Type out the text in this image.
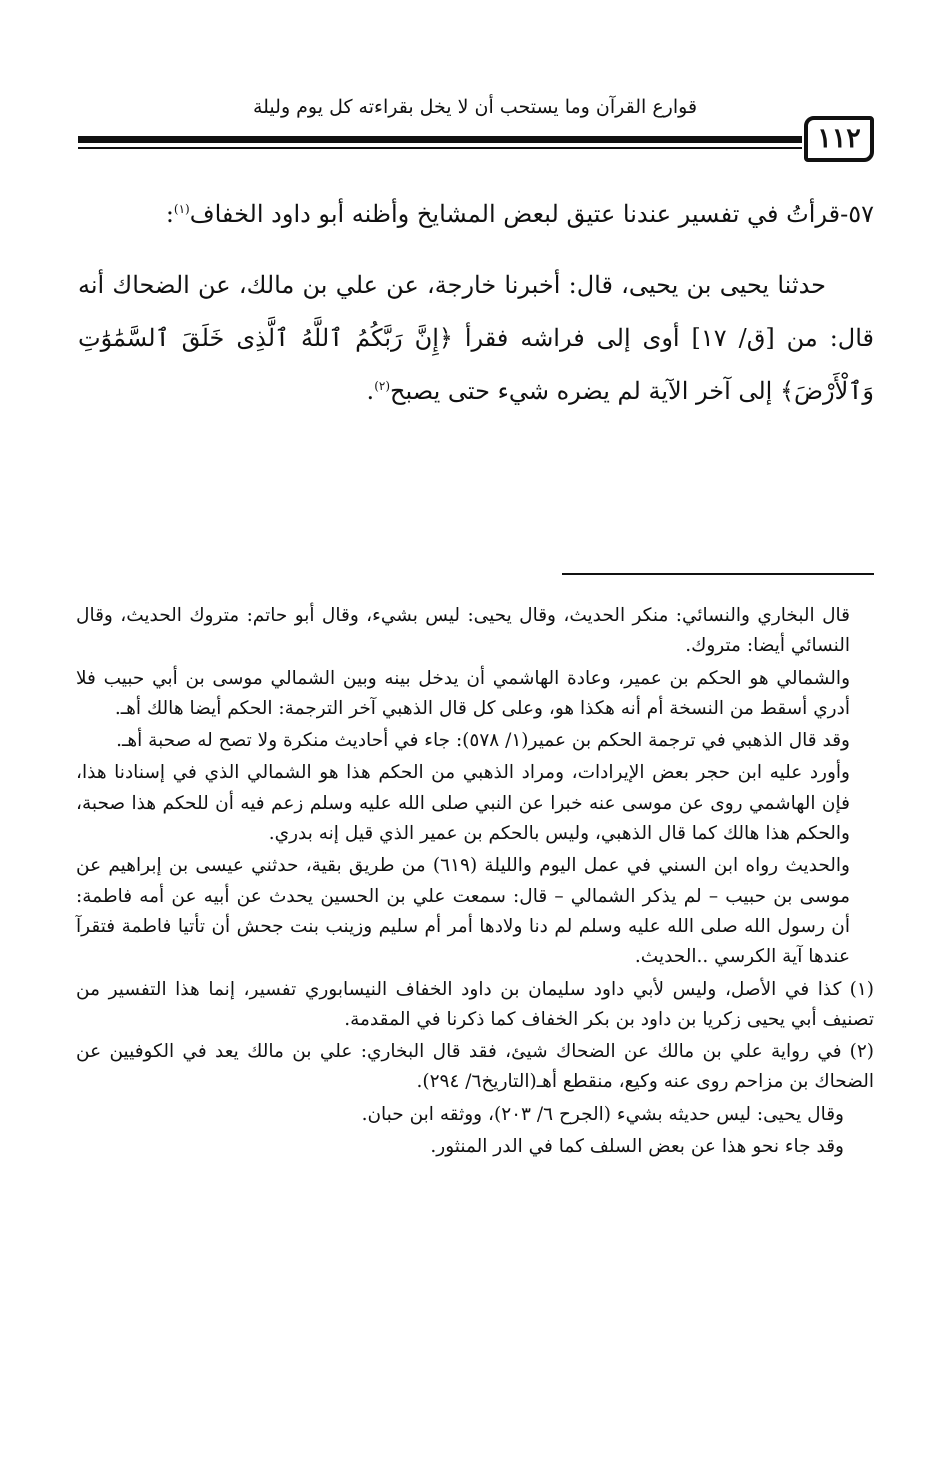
قوارع القرآن وما يستحب أن لا يخل بقراءته كل يوم وليلة
١١٢

٥٧-قرأتُ في تفسير عندنا عتيق لبعض المشايخ وأظنه أبو داود الخفاف$^{(١)}$:

حدثنا يحيى بن يحيى، قال: أخبرنا خارجة، عن علي بن مالك، عن الضحاك أنه قال: من [ق/ ١٧] أوى إلى فراشه فقرأ ﴿إِنَّ رَبَّكُمُ ٱللَّهُ ٱلَّذِى خَلَقَ ٱلسَّمَٰوَٰتِ وَٱلْأَرْضَ﴾ إلى آخر الآية لم يضره شيء حتى يصبح$^{(٢)}$.

قال البخاري والنسائي: منكر الحديث، وقال يحيى: ليس بشيء، وقال أبو حاتم: متروك الحديث، وقال النسائي أيضا: متروك.

والشمالي هو الحكم بن عمير، وعادة الهاشمي أن يدخل بينه وبين الشمالي موسى بن أبي حبيب فلا أدري أسقط من النسخة أم أنه هكذا هو، وعلى كل قال الذهبي آخر الترجمة: الحكم أيضا هالك أهـ.

وقد قال الذهبي في ترجمة الحكم بن عمير(١/ ٥٧٨): جاء في أحاديث منكرة ولا تصح له صحبة أهـ.

وأورد عليه ابن حجر بعض الإيرادات، ومراد الذهبي من الحكم هذا هو الشمالي الذي في إسنادنا هذا، فإن الهاشمي روى عن موسى عنه خبرا عن النبي صلى الله عليه وسلم زعم فيه أن للحكم هذا صحبة، والحكم هذا هالك كما قال الذهبي، وليس بالحكم بن عمير الذي قيل إنه بدري.

والحديث رواه ابن السني في عمل اليوم والليلة (٦١٩) من طريق بقية، حدثني عيسى بن إبراهيم عن موسى بن حبيب – لم يذكر الشمالي – قال: سمعت علي بن الحسين يحدث عن أبيه عن أمه فاطمة: أن رسول الله صلى الله عليه وسلم لم دنا ولادها أمر أم سليم وزينب بنت جحش أن تأتيا فاطمة فتقرآ عندها آية الكرسي ..الحديث.

(١) كذا في الأصل، وليس لأبي داود سليمان بن داود الخفاف النيسابوري تفسير، إنما هذا التفسير من تصنيف أبي يحيى زكريا بن داود بن بكر الخفاف كما ذكرنا في المقدمة.

(٢) في رواية علي بن مالك عن الضحاك شيئ، فقد قال البخاري: علي بن مالك يعد في الكوفيين عن الضحاك بن مزاحم روى عنه وكيع، منقطع أهـ(التاريخ٦/ ٢٩٤).

وقال يحيى: ليس حديثه بشيء (الجرح ٦/ ٢٠٣)، ووثقه ابن حبان.

وقد جاء نحو هذا عن بعض السلف كما في الدر المنثور.
